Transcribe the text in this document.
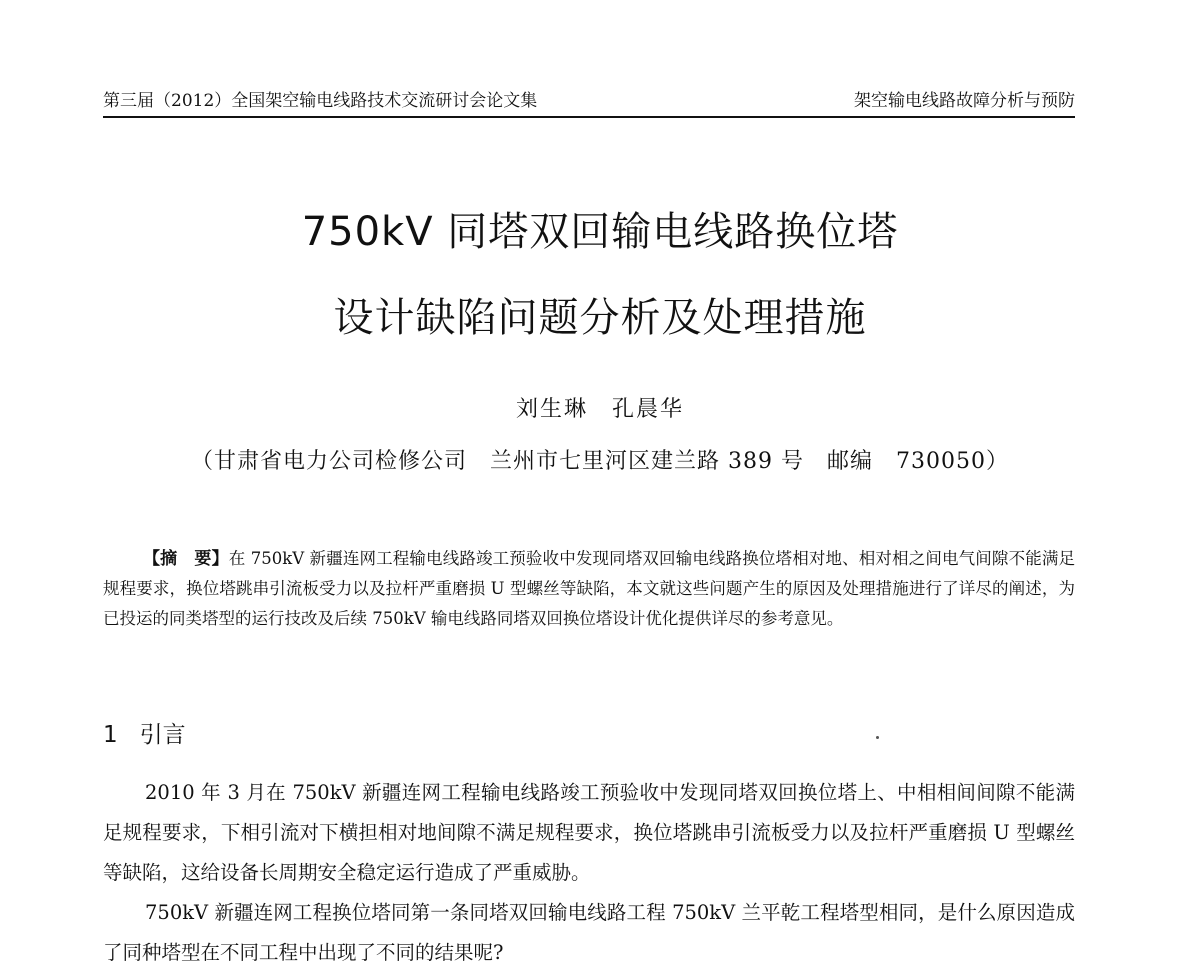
第三届（2012）全国架空输电线路技术交流研讨会论文集	架空输电线路故障分析与预防
750kV 同塔双回输电线路换位塔
设计缺陷问题分析及处理措施
刘生琳　孔晨华
（甘肃省电力公司检修公司　兰州市七里河区建兰路 389 号　邮编　730050）

【摘　要】在 750kV 新疆连网工程输电线路竣工预验收中发现同塔双回输电线路换位塔相对地、相对相之间电气间隙不能满足规程要求，换位塔跳串引流板受力以及拉杆严重磨损 U 型螺丝等缺陷，本文就这些问题产生的原因及处理措施进行了详尽的阐述，为已投运的同类塔型的运行技改及后续 750kV 输电线路同塔双回换位塔设计优化提供详尽的参考意见。

1 引言

2010 年 3 月在 750kV 新疆连网工程输电线路竣工预验收中发现同塔双回换位塔上、中相相间间隙不能满足规程要求，下相引流对下横担相对地间隙不满足规程要求，换位塔跳串引流板受力以及拉杆严重磨损 U 型螺丝等缺陷，这给设备长周期安全稳定运行造成了严重威胁。

750kV 新疆连网工程换位塔同第一条同塔双回输电线路工程 750kV 兰平乾工程塔型相同，是什么原因造成了同种塔型在不同工程中出现了不同的结果呢?
